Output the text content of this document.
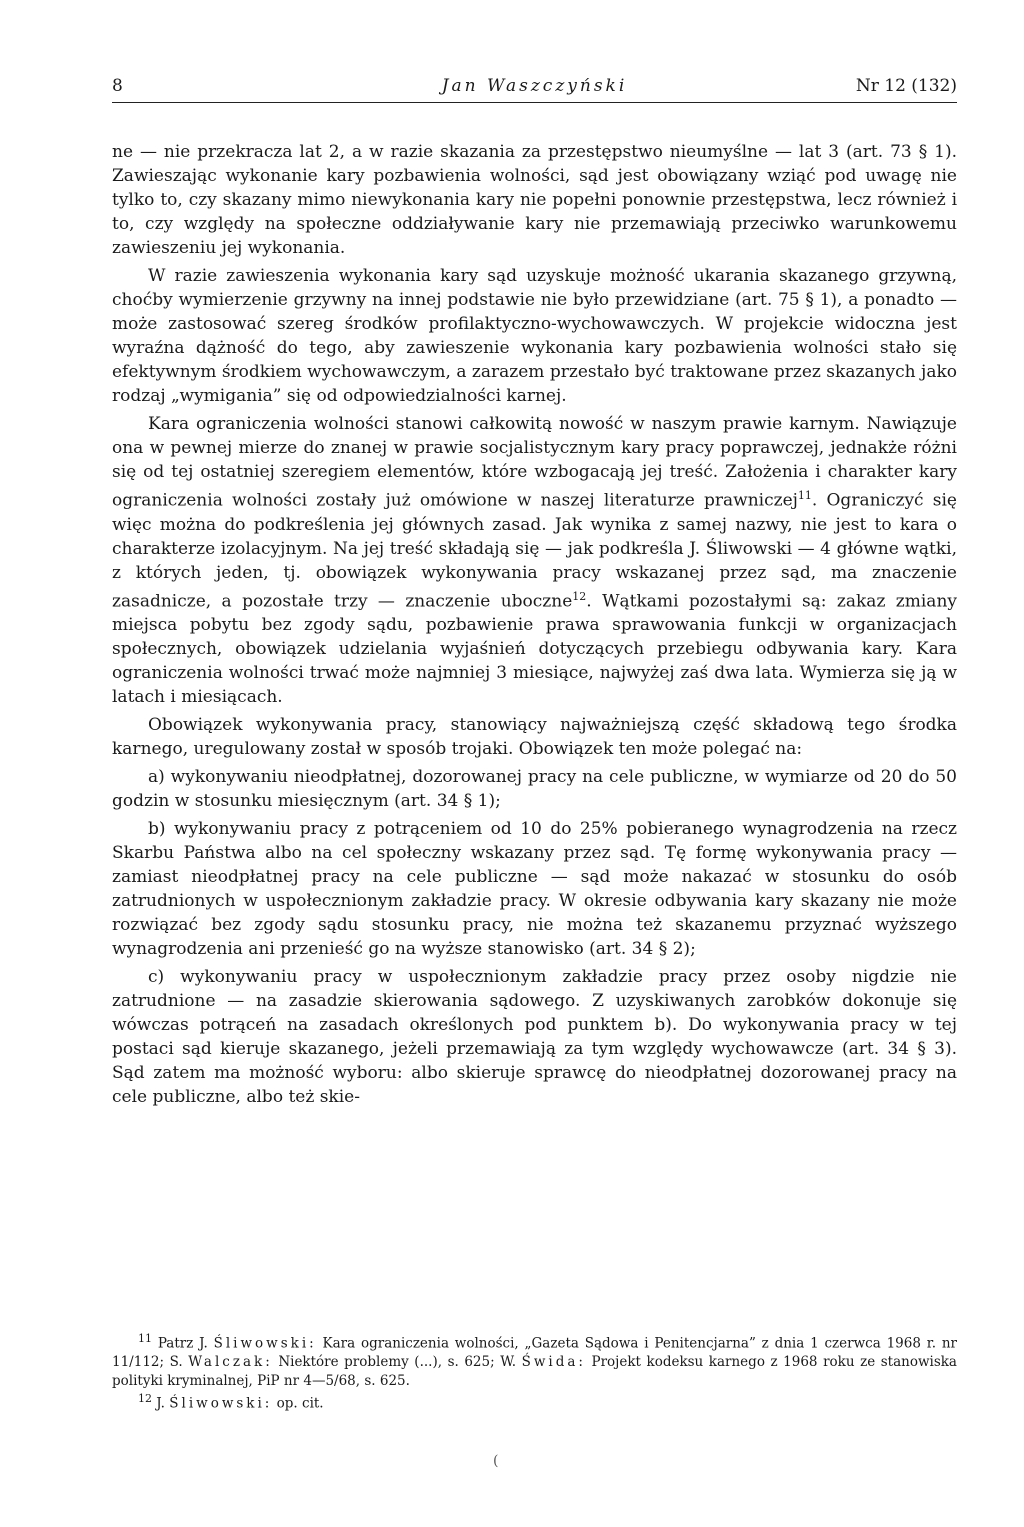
8	Jan Waszczyński	Nr 12 (132)

ne — nie przekracza lat 2, a w razie skazania za przestępstwo nieumyślne — lat 3 (art. 73 § 1). Zawieszając wykonanie kary pozbawienia wolności, sąd jest obowiązany wziąć pod uwagę nie tylko to, czy skazany mimo niewykonania kary nie popełni ponownie przestępstwa, lecz również i to, czy względy na społeczne oddziaływanie kary nie przemawiają przeciwko warunkowemu zawieszeniu jej wykonania.

W razie zawieszenia wykonania kary sąd uzyskuje możność ukarania skazanego grzywną, choćby wymierzenie grzywny na innej podstawie nie było przewidziane (art. 75 § 1), a ponadto — może zastosować szereg środków profilaktyczno-wychowawczych. W projekcie widoczna jest wyraźna dążność do tego, aby zawieszenie wykonania kary pozbawienia wolności stało się efektywnym środkiem wychowawczym, a zarazem przestało być traktowane przez skazanych jako rodzaj „wymigania” się od odpowiedzialności karnej.

Kara ograniczenia wolności stanowi całkowitą nowość w naszym prawie karnym. Nawiązuje ona w pewnej mierze do znanej w prawie socjalistycznym kary pracy poprawczej, jednakże różni się od tej ostatniej szeregiem elementów, które wzbogacają jej treść. Założenia i charakter kary ograniczenia wolności zostały już omówione w naszej literaturze prawniczej$^{11}$. Ograniczyć się więc można do podkreślenia jej głównych zasad. Jak wynika z samej nazwy, nie jest to kara o charakterze izolacyjnym. Na jej treść składają się — jak podkreśla J. Śliwowski — 4 główne wątki, z których jeden, tj. obowiązek wykonywania pracy wskazanej przez sąd, ma znaczenie zasadnicze, a pozostałe trzy — znaczenie uboczne$^{12}$. Wątkami pozostałymi są: zakaz zmiany miejsca pobytu bez zgody sądu, pozbawienie prawa sprawowania funkcji w organizacjach społecznych, obowiązek udzielania wyjaśnień dotyczących przebiegu odbywania kary. Kara ograniczenia wolności trwać może najmniej 3 miesiące, najwyżej zaś dwa lata. Wymierza się ją w latach i miesiącach.

Obowiązek wykonywania pracy, stanowiący najważniejszą część składową tego środka karnego, uregulowany został w sposób trojaki. Obowiązek ten może polegać na:

a) wykonywaniu nieodpłatnej, dozorowanej pracy na cele publiczne, w wymiarze od 20 do 50 godzin w stosunku miesięcznym (art. 34 § 1);

b) wykonywaniu pracy z potrąceniem od 10 do 25% pobieranego wynagrodzenia na rzecz Skarbu Państwa albo na cel społeczny wskazany przez sąd. Tę formę wykonywania pracy — zamiast nieodpłatnej pracy na cele publiczne — sąd może nakazać w stosunku do osób zatrudnionych w uspołecznionym zakładzie pracy. W okresie odbywania kary skazany nie może rozwiązać bez zgody sądu stosunku pracy, nie można też skazanemu przyznać wyższego wynagrodzenia ani przenieść go na wyższe stanowisko (art. 34 § 2);

c) wykonywaniu pracy w uspołecznionym zakładzie pracy przez osoby nigdzie nie zatrudnione — na zasadzie skierowania sądowego. Z uzyskiwanych zarobków dokonuje się wówczas potrąceń na zasadach określonych pod punktem b). Do wykonywania pracy w tej postaci sąd kieruje skazanego, jeżeli przemawiają za tym względy wychowawcze (art. 34 § 3). Sąd zatem ma możność wyboru: albo skieruje sprawcę do nieodpłatnej dozorowanej pracy na cele publiczne, albo też skie-

$^{11}$ Patrz J. Śliwowski: Kara ograniczenia wolności, „Gazeta Sądowa i Penitencjarna” z dnia 1 czerwca 1968 r. nr 11/112; S. Walczak: Niektóre problemy (...), s. 625; W. Świda: Projekt kodeksu karnego z 1968 roku ze stanowiska polityki kryminalnej, PiP nr 4—5/68, s. 625.

$^{12}$ J. Śliwowski: op. cit.

(
